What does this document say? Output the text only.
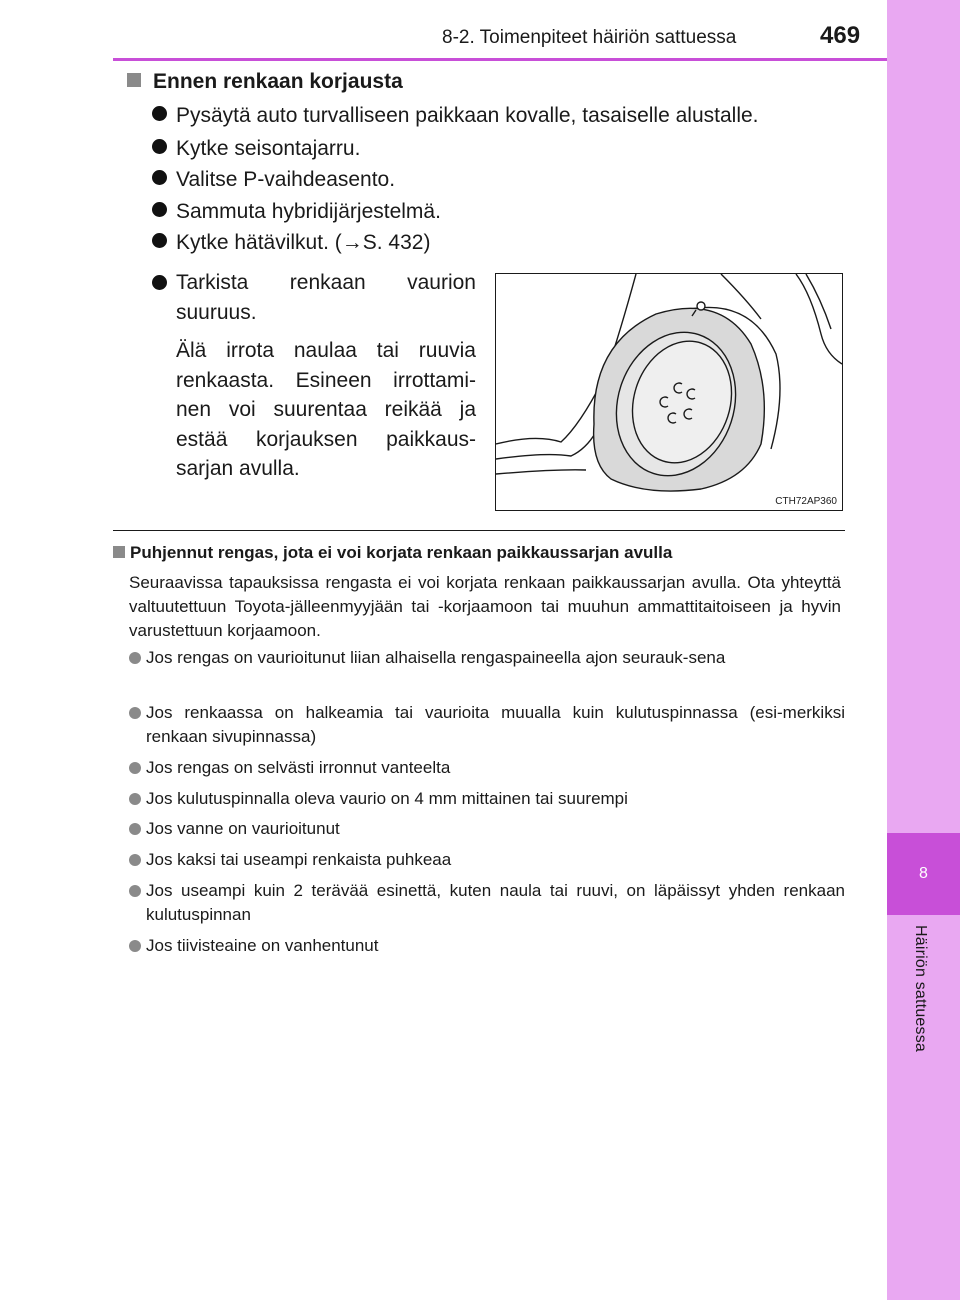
8
Häiriön sattuessa
8-2. Toimenpiteet häiriön sattuessa	469
Ennen renkaan korjausta
Pysäytä auto turvalliseen paikkaan kovalle, tasaiselle alustalle.
Kytke seisontajarru.
Valitse P-vaihdeasento.
Sammuta hybridijärjestelmä.
Kytke hätävilkut. (→S. 432)
Tarkista renkaan vaurion suuruus.
Älä irrota naulaa tai ruuvia renkaasta. Esineen irrottami-nen voi suurentaa reikää ja estää korjauksen paikkaus-sarjan avulla.
CTH72AP360
Puhjennut rengas, jota ei voi korjata renkaan paikkaussarjan avulla
Seuraavissa tapauksissa rengasta ei voi korjata renkaan paikkaussarjan avulla. Ota yhteyttä valtuutettuun Toyota-jälleenmyyjään tai -korjaamoon tai muuhun ammattitaitoiseen ja hyvin varustettuun korjaamoon.
Jos rengas on vaurioitunut liian alhaisella rengaspaineella ajon seurauk-sena
Jos renkaassa on halkeamia tai vaurioita muualla kuin kulutuspinnassa (esi-merkiksi renkaan sivupinnassa)
Jos rengas on selvästi irronnut vanteelta
Jos kulutuspinnalla oleva vaurio on 4 mm mittainen tai suurempi
Jos vanne on vaurioitunut
Jos kaksi tai useampi renkaista puhkeaa
Jos useampi kuin 2 terävää esinettä, kuten naula tai ruuvi, on läpäissyt yhden renkaan kulutuspinnan
Jos tiivisteaine on vanhentunut
